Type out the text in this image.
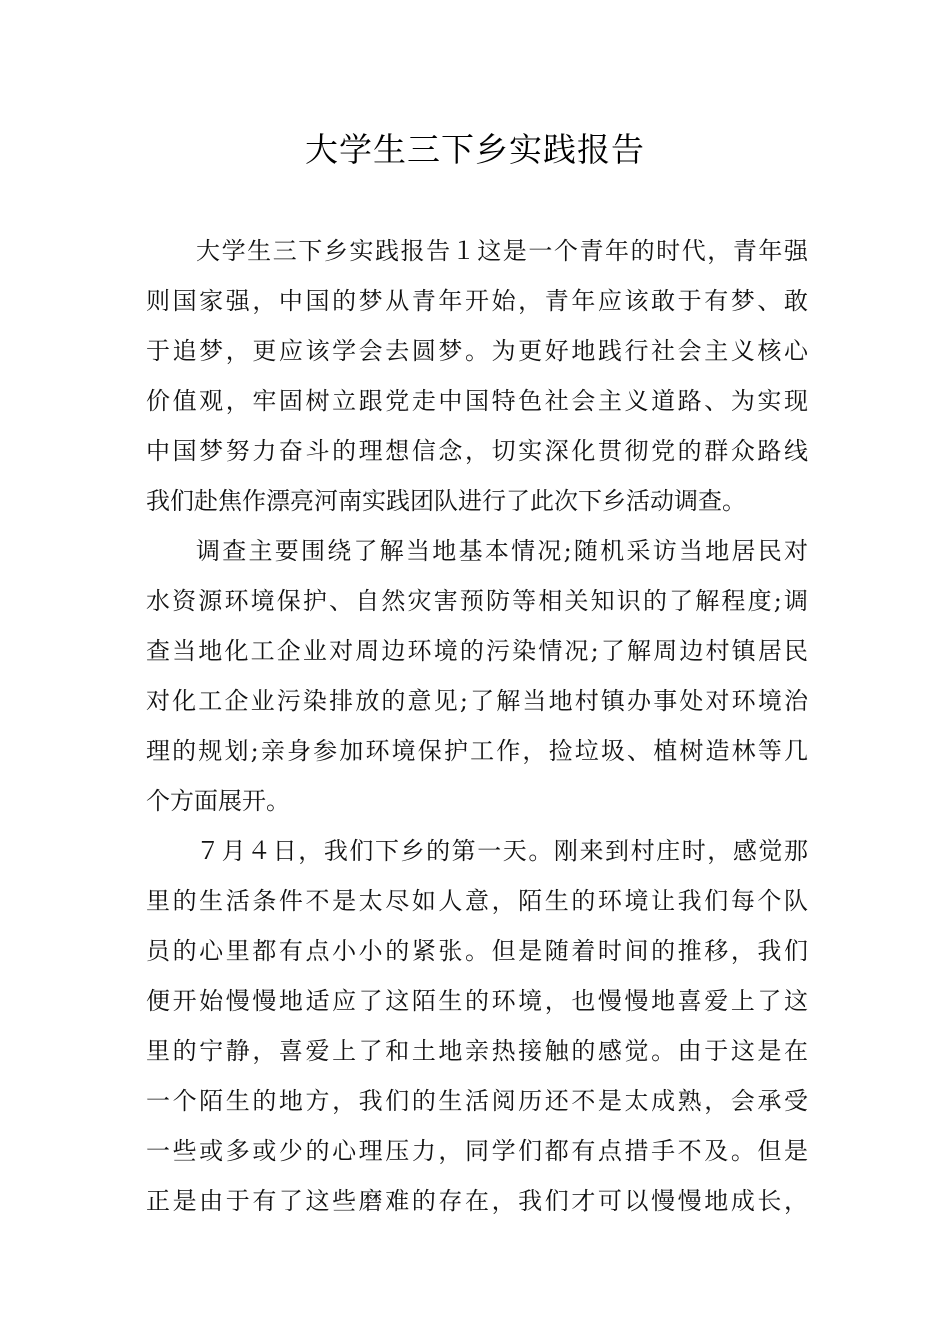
大学生三下乡实践报告
大学生三下乡实践报告１这是一个青年的时代，青年强
则国家强，中国的梦从青年开始，青年应该敢于有梦、敢
于追梦，更应该学会去圆梦。为更好地践行社会主义核心
价值观，牢固树立跟党走中国特色社会主义道路、为实现
中国梦努力奋斗的理想信念，切实深化贯彻党的群众路线
我们赴焦作漂亮河南实践团队进行了此次下乡活动调查。
调查主要围绕了解当地基本情况;随机采访当地居民对
水资源环境保护、自然灾害预防等相关知识的了解程度;调
查当地化工企业对周边环境的污染情况;了解周边村镇居民
对化工企业污染排放的意见;了解当地村镇办事处对环境治
理的规划;亲身参加环境保护工作，捡垃圾、植树造林等几
个方面展开。
７月４日，我们下乡的第一天。刚来到村庄时，感觉那
里的生活条件不是太尽如人意，陌生的环境让我们每个队
员的心里都有点小小的紧张。但是随着时间的推移，我们
便开始慢慢地适应了这陌生的环境，也慢慢地喜爱上了这
里的宁静，喜爱上了和土地亲热接触的感觉。由于这是在
一个陌生的地方，我们的生活阅历还不是太成熟，会承受
一些或多或少的心理压力，同学们都有点措手不及。但是
正是由于有了这些磨难的存在，我们才可以慢慢地成长，
